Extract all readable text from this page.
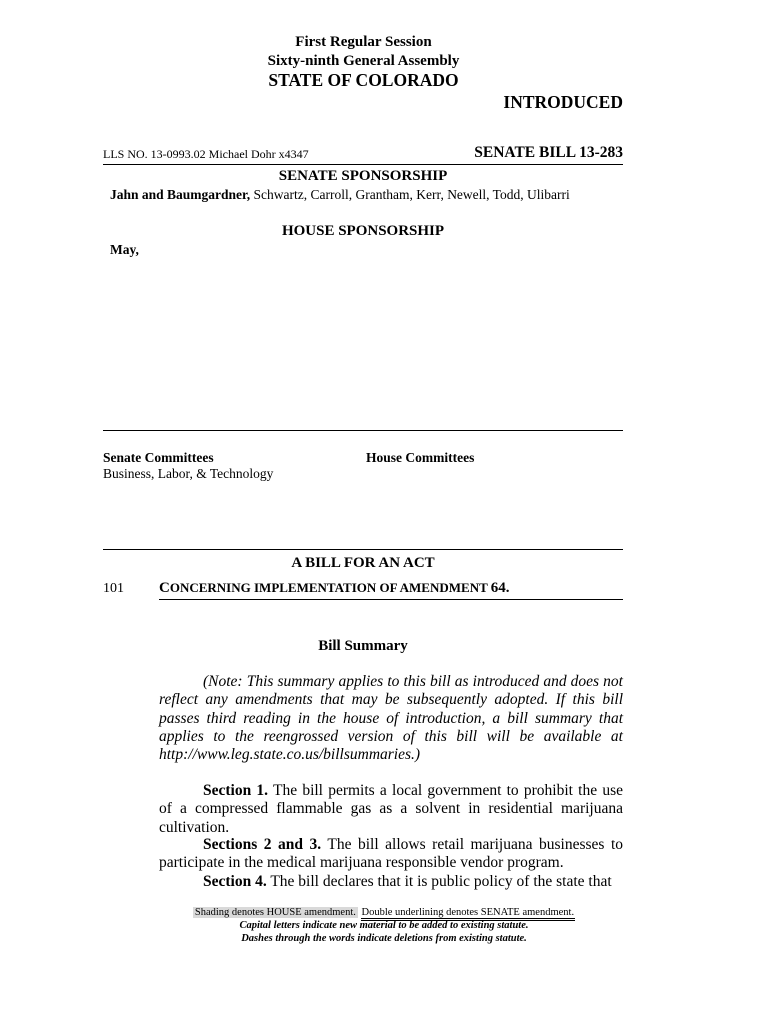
First Regular Session
Sixty-ninth General Assembly
STATE OF COLORADO
INTRODUCED
LLS NO. 13-0993.02 Michael Dohr x4347	SENATE BILL 13-283
SENATE SPONSORSHIP
Jahn and Baumgardner, Schwartz, Carroll, Grantham, Kerr, Newell, Todd, Ulibarri
HOUSE SPONSORSHIP
May,
Senate Committees
Business, Labor, & Technology
House Committees
A BILL FOR AN ACT
101 CONCERNING IMPLEMENTATION OF AMENDMENT 64.
Bill Summary
(Note: This summary applies to this bill as introduced and does not reflect any amendments that may be subsequently adopted. If this bill passes third reading in the house of introduction, a bill summary that applies to the reengrossed version of this bill will be available at http://www.leg.state.co.us/billsummaries.)
Section 1. The bill permits a local government to prohibit the use of a compressed flammable gas as a solvent in residential marijuana cultivation.
Sections 2 and 3. The bill allows retail marijuana businesses to participate in the medical marijuana responsible vendor program.
Section 4. The bill declares that it is public policy of the state that
Shading denotes HOUSE amendment. Double underlining denotes SENATE amendment.
Capital letters indicate new material to be added to existing statute.
Dashes through the words indicate deletions from existing statute.
